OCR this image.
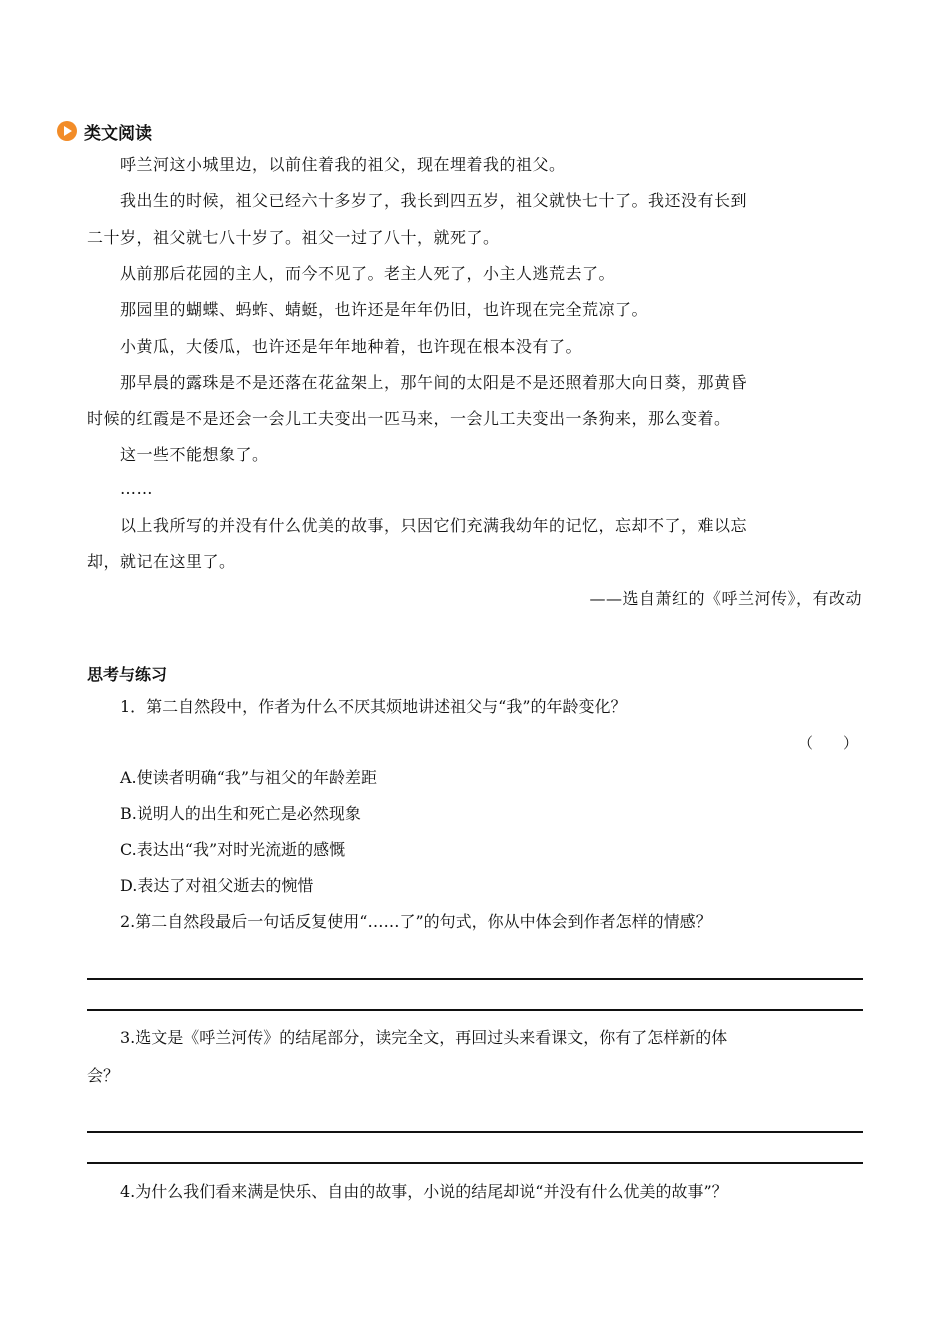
类文阅读
呼兰河这小城里边，以前住着我的祖父，现在埋着我的祖父。
我出生的时候，祖父已经六十多岁了，我长到四五岁，祖父就快七十了。我还没有长到
二十岁，祖父就七八十岁了。祖父一过了八十，就死了。
从前那后花园的主人，而今不见了。老主人死了，小主人逃荒去了。
那园里的蝴蝶、蚂蚱、蜻蜓，也许还是年年仍旧，也许现在完全荒凉了。
小黄瓜，大倭瓜，也许还是年年地种着，也许现在根本没有了。
那早晨的露珠是不是还落在花盆架上，那午间的太阳是不是还照着那大向日葵，那黄昏
时候的红霞是不是还会一会儿工夫变出一匹马来，一会儿工夫变出一条狗来，那么变着。
这一些不能想象了。
……
以上我所写的并没有什么优美的故事，只因它们充满我幼年的记忆，忘却不了，难以忘
却，就记在这里了。
——选自萧红的《呼兰河传》，有改动
思考与练习
1．第二自然段中，作者为什么不厌其烦地讲述祖父与“我”的年龄变化？
（　　）
A.使读者明确“我”与祖父的年龄差距
B.说明人的出生和死亡是必然现象
C.表达出“我”对时光流逝的感慨
D.表达了对祖父逝去的惋惜
2.第二自然段最后一句话反复使用“……了”的句式，你从中体会到作者怎样的情感？
3.选文是《呼兰河传》的结尾部分，读完全文，再回过头来看课文，你有了怎样新的体
会？
4.为什么我们看来满是快乐、自由的故事，小说的结尾却说“并没有什么优美的故事”？
